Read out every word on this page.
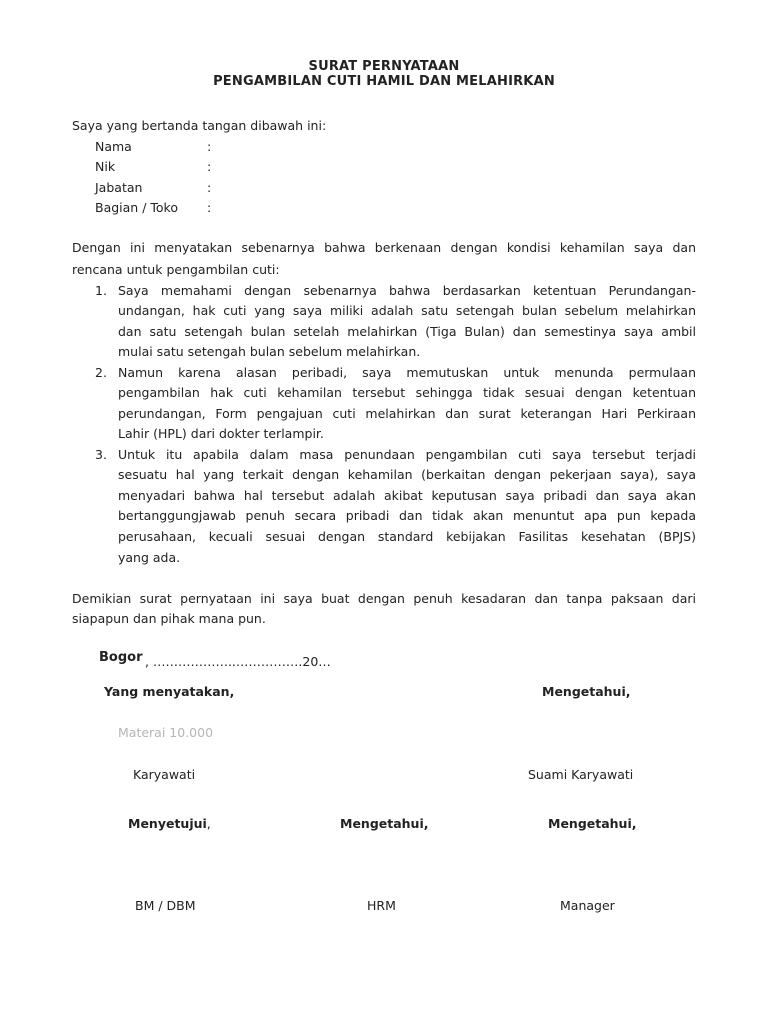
SURAT PERNYATAAN
PENGAMBILAN CUTI HAMIL DAN MELAHIRKAN
Saya yang bertanda tangan dibawah ini:
Nama	:
Nik	:
Jabatan	:
Bagian / Toko :
Dengan ini menyatakan sebenarnya bahwa berkenaan dengan kondisi kehamilan saya dan
rencana untuk pengambilan cuti:
1. Saya memahami dengan sebenarnya bahwa berdasarkan ketentuan Perundangan-
undangan, hak cuti yang saya miliki adalah satu setengah bulan sebelum melahirkan
dan satu setengah bulan setelah melahirkan (Tiga Bulan) dan semestinya saya ambil
mulai satu setengah bulan sebelum melahirkan.
2. Namun karena alasan peribadi, saya memutuskan untuk menunda permulaan
pengambilan hak cuti kehamilan tersebut sehingga tidak sesuai dengan ketentuan
perundangan, Form pengajuan cuti melahirkan dan surat keterangan Hari Perkiraan
Lahir (HPL) dari dokter terlampir.
3. Untuk itu apabila dalam masa penundaan pengambilan cuti saya tersebut terjadi
sesuatu hal yang terkait dengan kehamilan (berkaitan dengan pekerjaan saya), saya
menyadari bahwa hal tersebut adalah akibat keputusan saya pribadi dan saya akan
bertanggungjawab penuh secara pribadi dan tidak akan menuntut apa pun kepada
perusahaan, kecuali sesuai dengan standard kebijakan Fasilitas kesehatan (BPJS)
yang ada.
Demikian surat pernyataan ini saya buat dengan penuh kesadaran dan tanpa paksaan dari
siapapun dan pihak mana pun.
Bogor , ………………..…………….20…
Yang menyatakan,	Mengetahui,
Materai 10.000
Karyawati	Suami Karyawati
Menyetujui,	Mengetahui,	Mengetahui,
BM / DBM	HRM	Manager
